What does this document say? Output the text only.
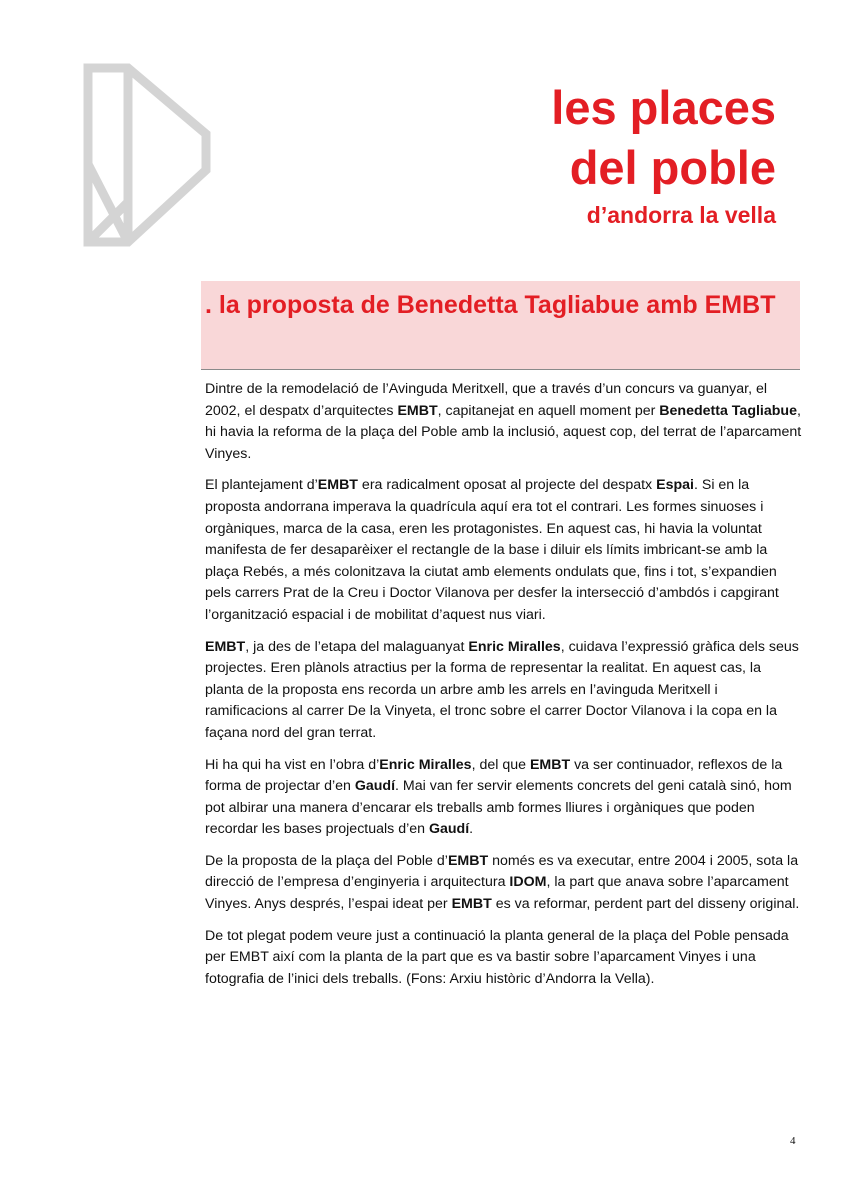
les places
del poble
d’andorra la vella
. la proposta de Benedetta Tagliabue amb EMBT

Dintre de la remodelació de l’Avinguda Meritxell, que a través d’un concurs va guanyar, el 2002, el despatx d’arquitectes EMBT, capitanejat en aquell moment per Benedetta Tagliabue, hi havia la reforma de la plaça del Poble amb la inclusió, aquest cop, del terrat de l’aparcament Vinyes.

El plantejament d’EMBT era radicalment oposat al projecte del despatx Espai. Si en la proposta andorrana imperava la quadrícula aquí era tot el contrari. Les formes sinuoses i orgàniques, marca de la casa, eren les protagonistes. En aquest cas, hi havia la voluntat manifesta de fer desaparèixer el rectangle de la base i diluir els límits imbricant-se amb la plaça Rebés, a més colonitzava la ciutat amb elements ondulats que, fins i tot, s’expandien pels carrers Prat de la Creu i Doctor Vilanova per desfer la intersecció d’ambdós i capgirant l’organització espacial i de mobilitat d’aquest nus viari.

EMBT, ja des de l’etapa del malaguanyat Enric Miralles, cuidava l’expressió gràfica dels seus projectes. Eren plànols atractius per la forma de representar la realitat. En aquest cas, la planta de la proposta ens recorda un arbre amb les arrels en l’avinguda Meritxell i ramificacions al carrer De la Vinyeta, el tronc sobre el carrer Doctor Vilanova i la copa en la façana nord del gran terrat.

Hi ha qui ha vist en l’obra d’Enric Miralles, del que EMBT va ser continuador, reflexos de la forma de projectar d’en Gaudí. Mai van fer servir elements concrets del geni català sinó, hom pot albirar una manera d’encarar els treballs amb formes lliures i orgàniques que poden recordar les bases projectuals d’en Gaudí.

De la proposta de la plaça del Poble d’EMBT només es va executar, entre 2004 i 2005, sota la direcció de l’empresa d’enginyeria i arquitectura IDOM, la part que anava sobre l’aparcament Vinyes. Anys després, l’espai ideat per EMBT es va reformar, perdent part del disseny original.

De tot plegat podem veure just a continuació la planta general de la plaça del Poble pensada per EMBT així com la planta de la part que es va bastir sobre l’aparcament Vinyes i una fotografia de l’inici dels treballs. (Fons: Arxiu històric d’Andorra la Vella).

4
